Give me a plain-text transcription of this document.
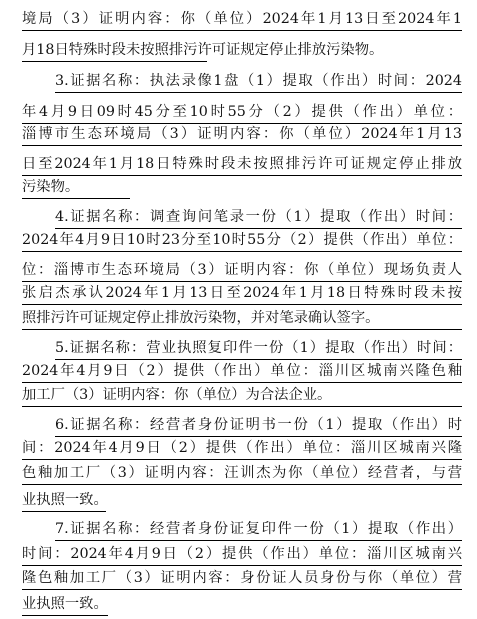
境局（3）证明内容：你（单位）2024年1月13日至2024年1
月18日特殊时段未按照排污许可证规定停止排放污染物。
3.证据名称：执法录像1盘（1）提取（作出）时间：2024
年4月9日09时45分至10时55分（2）提供（作出）单位：
淄博市生态环境局（3）证明内容：你（单位）2024年1月13
日至2024年1月18日特殊时段未按照排污许可证规定停止排放
污染物。
4.证据名称：调查询问笔录一份（1）提取（作出）时间：
2024年4月9日10时23分至10时55分（2）提供（作出）单位：
位：淄博市生态环境局（3）证明内容：你（单位）现场负责人
张启杰承认2024年1月13日至2024年1月18日特殊时段未按
照排污许可证规定停止排放污染物，并对笔录确认签字。
5.证据名称：营业执照复印件一份（1）提取（作出）时间：
2024年4月9日（2）提供（作出）单位：淄川区城南兴隆色釉
加工厂（3）证明内容：你（单位）为合法企业。
6.证据名称：经营者身份证明书一份（1）提取（作出）时
间：2024年4月9日（2）提供（作出）单位：淄川区城南兴隆
色釉加工厂（3）证明内容：汪训杰为你（单位）经营者，与营
业执照一致。
7.证据名称：经营者身份证复印件一份（1）提取（作出）
时间：2024年4月9日（2）提供（作出）单位：淄川区城南兴
隆色釉加工厂（3）证明内容：身份证人员身份与你（单位）营
业执照一致。
